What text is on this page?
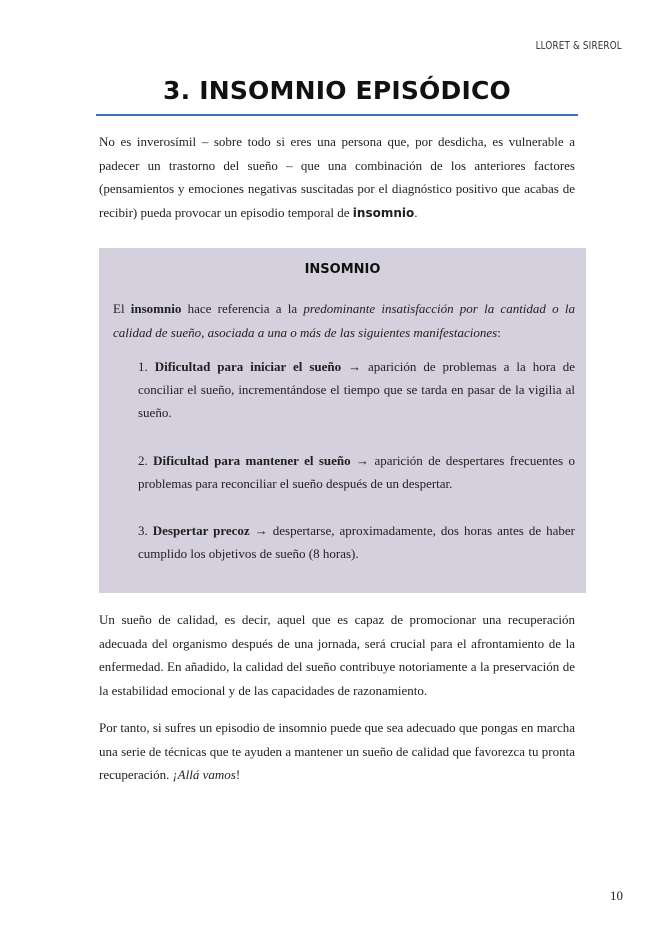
LLORET & SIREROL
3. INSOMNIO EPISÓDICO

No es inverosímil – sobre todo si eres una persona que, por desdicha, es vulnerable a padecer un trastorno del sueño – que una combinación de los anteriores factores (pensamientos y emociones negativas suscitadas por el diagnóstico positivo que acabas de recibir) pueda provocar un episodio temporal de insomnio.

INSOMNIO

El insomnio hace referencia a la predominante insatisfacción por la cantidad o la calidad de sueño, asociada a una o más de las siguientes manifestaciones:

1. Dificultad para iniciar el sueño → aparición de problemas a la hora de conciliar el sueño, incrementándose el tiempo que se tarda en pasar de la vigilia al sueño.
2. Dificultad para mantener el sueño → aparición de despertares frecuentes o problemas para reconciliar el sueño después de un despertar.
3. Despertar precoz → despertarse, aproximadamente, dos horas antes de haber cumplido los objetivos de sueño (8 horas).

Un sueño de calidad, es decir, aquel que es capaz de promocionar una recuperación adecuada del organismo después de una jornada, será crucial para el afrontamiento de la enfermedad. En añadido, la calidad del sueño contribuye notoriamente a la preservación de la estabilidad emocional y de las capacidades de razonamiento.

Por tanto, si sufres un episodio de insomnio puede que sea adecuado que pongas en marcha una serie de técnicas que te ayuden a mantener un sueño de calidad que favorezca tu pronta recuperación. ¡Allá vamos!

10
